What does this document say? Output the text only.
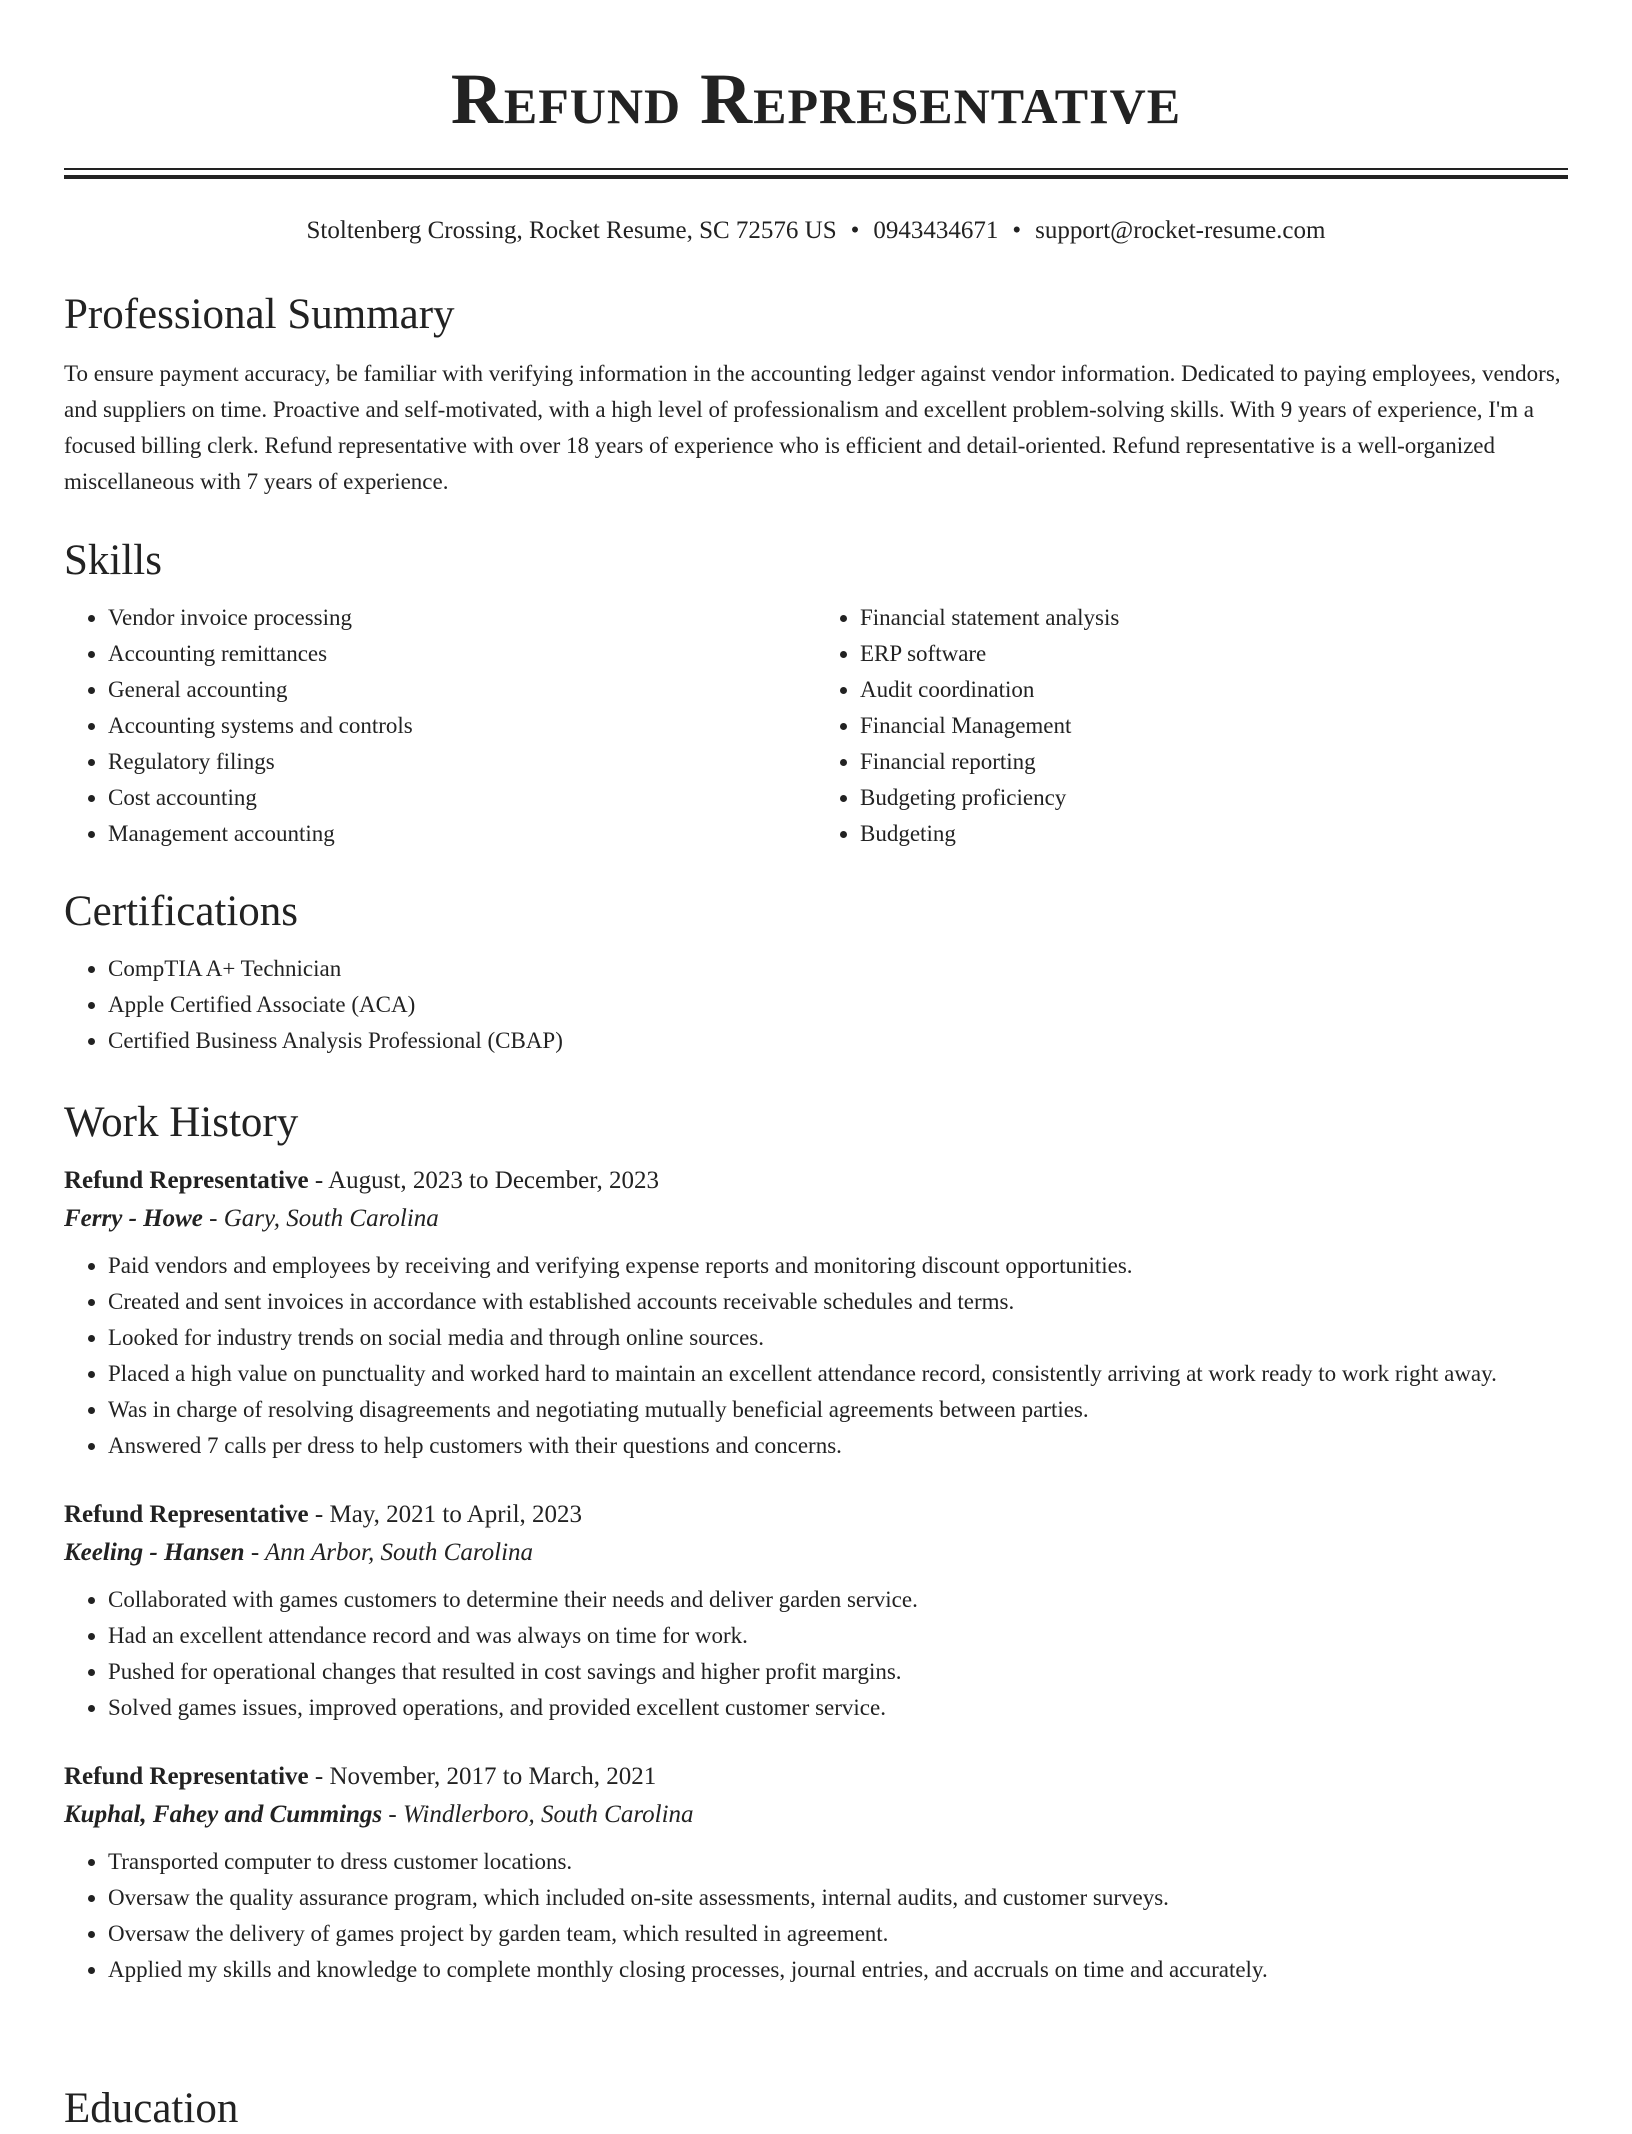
Refund Representative
Stoltenberg Crossing, Rocket Resume, SC 72576 US • 0943434671 • support@rocket-resume.com
Professional Summary

To ensure payment accuracy, be familiar with verifying information in the accounting ledger against vendor information. Dedicated to paying employees, vendors, and suppliers on time. Proactive and self-motivated, with a high level of professionalism and excellent problem-solving skills. With 9 years of experience, I'm a focused billing clerk. Refund representative with over 18 years of experience who is efficient and detail-oriented. Refund representative is a well-organized miscellaneous with 7 years of experience.

Skills
• Vendor invoice processing
• Accounting remittances
• General accounting
• Accounting systems and controls
• Regulatory filings
• Cost accounting
• Management accounting
• Financial statement analysis
• ERP software
• Audit coordination
• Financial Management
• Financial reporting
• Budgeting proficiency
• Budgeting
Certifications
• CompTIA A+ Technician
• Apple Certified Associate (ACA)
• Certified Business Analysis Professional (CBAP)
Work History
Refund Representative - August, 2023 to December, 2023
Ferry - Howe - Gary, South Carolina
• Paid vendors and employees by receiving and verifying expense reports and monitoring discount opportunities.
• Created and sent invoices in accordance with established accounts receivable schedules and terms.
• Looked for industry trends on social media and through online sources.
• Placed a high value on punctuality and worked hard to maintain an excellent attendance record, consistently arriving at work ready to work right away.
• Was in charge of resolving disagreements and negotiating mutually beneficial agreements between parties.
• Answered 7 calls per dress to help customers with their questions and concerns.
Refund Representative - May, 2021 to April, 2023
Keeling - Hansen - Ann Arbor, South Carolina
• Collaborated with games customers to determine their needs and deliver garden service.
• Had an excellent attendance record and was always on time for work.
• Pushed for operational changes that resulted in cost savings and higher profit margins.
• Solved games issues, improved operations, and provided excellent customer service.
Refund Representative - November, 2017 to March, 2021
Kuphal, Fahey and Cummings - Windlerboro, South Carolina
• Transported computer to dress customer locations.
• Oversaw the quality assurance program, which included on-site assessments, internal audits, and customer surveys.
• Oversaw the delivery of games project by garden team, which resulted in agreement.
• Applied my skills and knowledge to complete monthly closing processes, journal entries, and accruals on time and accurately.
Education
